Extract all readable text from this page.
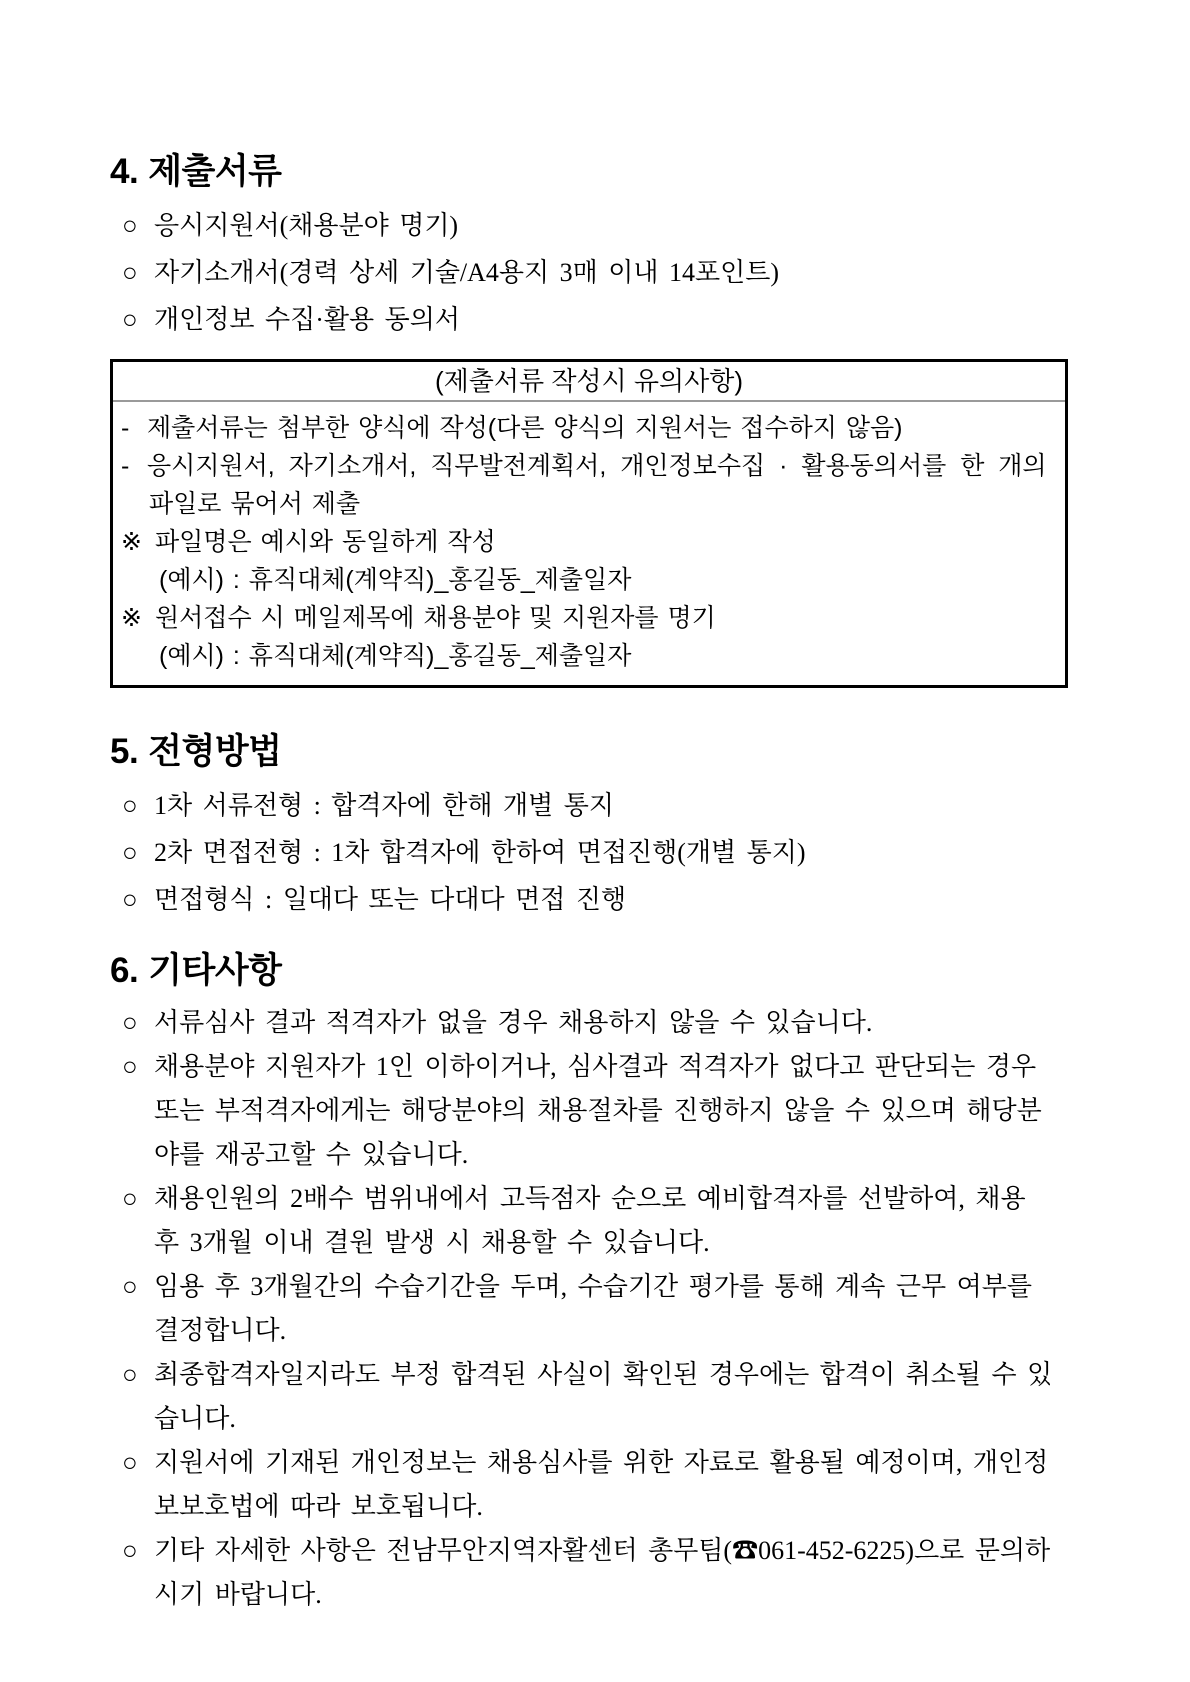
4. 제출서류
○ 응시지원서(채용분야 명기)
○ 자기소개서(경력 상세 기술/A4용지 3매 이내 14포인트)
○ 개인정보 수집·활용 동의서
(제출서류 작성시 유의사항)
- 제출서류는 첨부한 양식에 작성(다른 양식의 지원서는 접수하지 않음)
- 응시지원서, 자기소개서, 직무발전계획서, 개인정보수집 · 활용동의서를 한 개의
파일로 묶어서 제출
※ 파일명은 예시와 동일하게 작성
(예시) : 휴직대체(계약직)_홍길동_제출일자
※ 원서접수 시 메일제목에 채용분야 및 지원자를 명기
(예시) : 휴직대체(계약직)_홍길동_제출일자
5. 전형방법
○ 1차 서류전형 : 합격자에 한해 개별 통지
○ 2차 면접전형 : 1차 합격자에 한하여 면접진행(개별 통지)
○ 면접형식 : 일대다 또는 다대다 면접 진행
6. 기타사항
○ 서류심사 결과 적격자가 없을 경우 채용하지 않을 수 있습니다.
○ 채용분야 지원자가 1인 이하이거나, 심사결과 적격자가 없다고 판단되는 경우
또는 부적격자에게는 해당분야의 채용절차를 진행하지 않을 수 있으며 해당분
야를 재공고할 수 있습니다.
○ 채용인원의 2배수 범위내에서 고득점자 순으로 예비합격자를 선발하여, 채용
후 3개월 이내 결원 발생 시 채용할 수 있습니다.
○ 임용 후 3개월간의 수습기간을 두며, 수습기간 평가를 통해 계속 근무 여부를
결정합니다.
○ 최종합격자일지라도 부정 합격된 사실이 확인된 경우에는 합격이 취소될 수 있
습니다.
○ 지원서에 기재된 개인정보는 채용심사를 위한 자료로 활용될 예정이며, 개인정
보보호법에 따라 보호됩니다.
○ 기타 자세한 사항은 전남무안지역자활센터 총무팀(☎061-452-6225)으로 문의하
시기 바랍니다.
